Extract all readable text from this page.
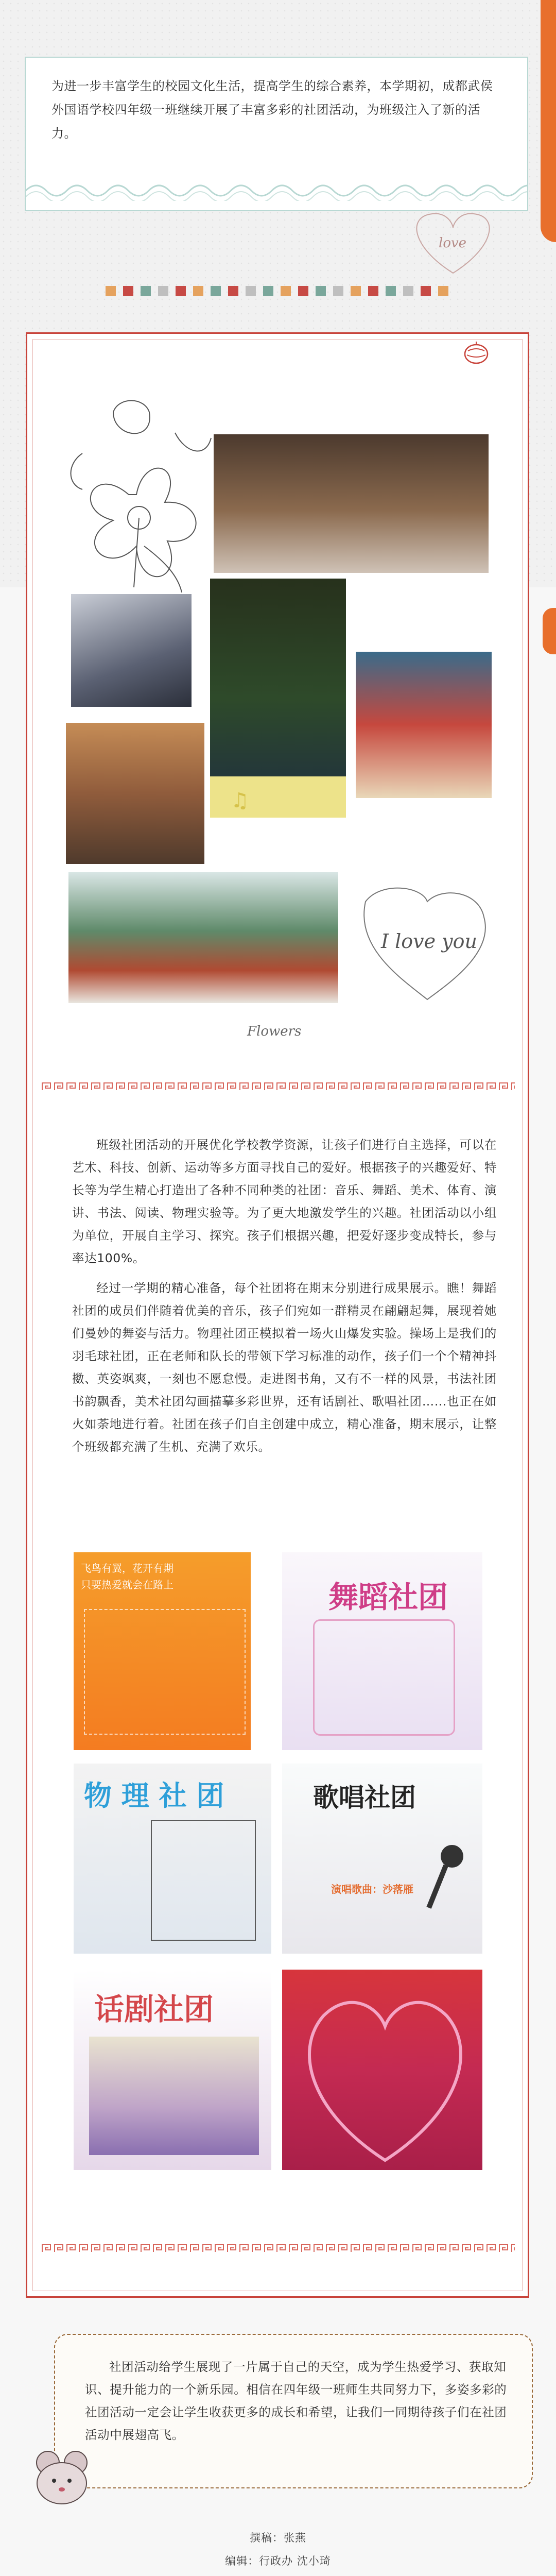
为进一步丰富学生的校园文化生活，提高学生的综合素养，本学期初，成都武侯外国语学校四年级一班继续开展了丰富多彩的社团活动，为班级注入了新的活力。
love
♫
I love you
Flowers

班级社团活动的开展优化学校教学资源，让孩子们进行自主选择，可以在艺术、科技、创新、运动等多方面寻找自己的爱好。根据孩子的兴趣爱好、特长等为学生精心打造出了各种不同种类的社团：音乐、舞蹈、美术、体育、演讲、书法、阅读、物理实验等。为了更大地激发学生的兴趣。社团活动以小组为单位，开展自主学习、探究。孩子们根据兴趣，把爱好逐步变成特长，参与率达100%。

经过一学期的精心准备，每个社团将在期末分别进行成果展示。瞧！舞蹈社团的成员们伴随着优美的音乐，孩子们宛如一群精灵在翩翩起舞，展现着她们曼妙的舞姿与活力。物理社团正模拟着一场火山爆发实验。操场上是我们的羽毛球社团，正在老师和队长的带领下学习标准的动作，孩子们一个个精神抖擞、英姿飒爽，一刻也不愿怠慢。走进图书角，又有不一样的风景，书法社团书韵飘香，美术社团勾画描摹多彩世界，还有话剧社、歌唱社团……也正在如火如荼地进行着。社团在孩子们自主创建中成立，精心准备，期末展示，让整个班级都充满了生机、充满了欢乐。

飞鸟有翼，花开有期
只要热爱就会在路上	舞蹈社团
物 理 社 团	歌唱社团
演唱歌曲：沙落雁
话剧社团
社团活动给学生展现了一片属于自己的天空，成为学生热爱学习、获取知识、提升能力的一个新乐园。相信在四年级一班师生共同努力下，多姿多彩的社团活动一定会让学生收获更多的成长和希望，让我们一同期待孩子们在社团活动中展翅高飞。
撰稿：张燕
编辑：行政办 沈小琦
